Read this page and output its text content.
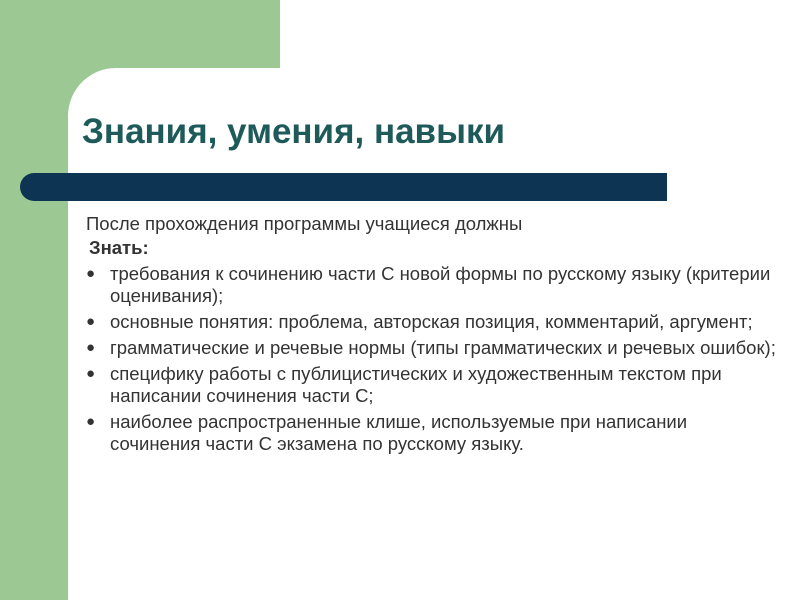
Знания, умения, навыки

После прохождения программы учащиеся должны

Знать:

● требования к сочинению части С новой формы по русскому языку (критерии оценивания);
● основные понятия: проблема, авторская позиция, комментарий, аргумент;
● грамматические и речевые нормы (типы грамматических и речевых ошибок);
● специфику работы с публицистических и художественным текстом при написании сочинения части С;
● наиболее распространенные клише, используемые при написании сочинения части С экзамена по русскому языку.
